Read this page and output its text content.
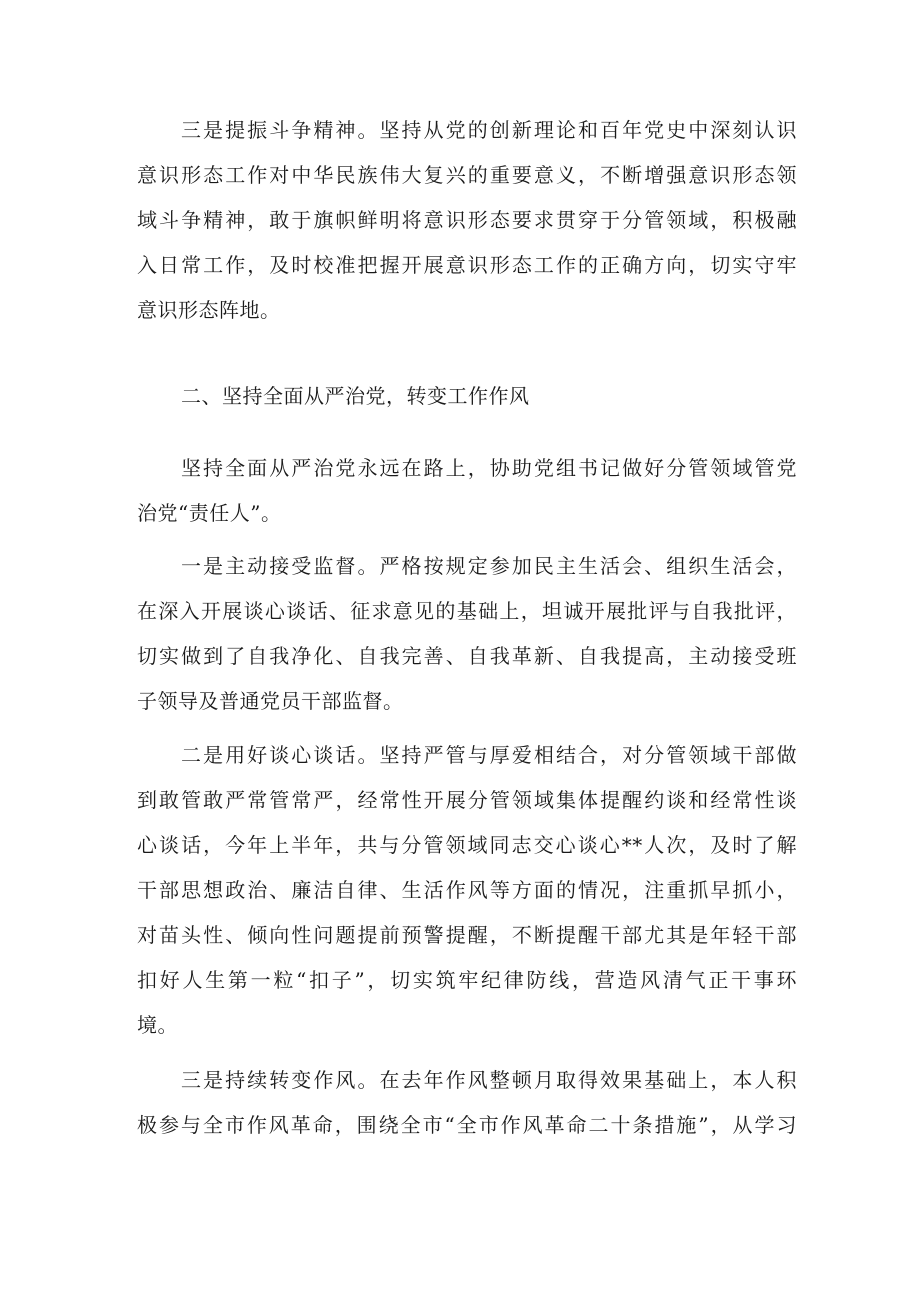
三是提振斗争精神。坚持从党的创新理论和百年党史中深刻认识
意识形态工作对中华民族伟大复兴的重要意义，不断增强意识形态领
域斗争精神，敢于旗帜鲜明将意识形态要求贯穿于分管领域，积极融
入日常工作，及时校准把握开展意识形态工作的正确方向，切实守牢
意识形态阵地。
二、坚持全面从严治党，转变工作作风
坚持全面从严治党永远在路上，协助党组书记做好分管领域管党
治党“责任人”。
一是主动接受监督。严格按规定参加民主生活会、组织生活会，
在深入开展谈心谈话、征求意见的基础上，坦诚开展批评与自我批评，
切实做到了自我净化、自我完善、自我革新、自我提高，主动接受班
子领导及普通党员干部监督。
二是用好谈心谈话。坚持严管与厚爱相结合，对分管领域干部做
到敢管敢严常管常严，经常性开展分管领域集体提醒约谈和经常性谈
心谈话，今年上半年，共与分管领域同志交心谈心**人次，及时了解
干部思想政治、廉洁自律、生活作风等方面的情况，注重抓早抓小，
对苗头性、倾向性问题提前预警提醒，不断提醒干部尤其是年轻干部
扣好人生第一粒“扣子”，切实筑牢纪律防线，营造风清气正干事环
境。
三是持续转变作风。在去年作风整顿月取得效果基础上，本人积
极参与全市作风革命，围绕全市“全市作风革命二十条措施”，从学习
